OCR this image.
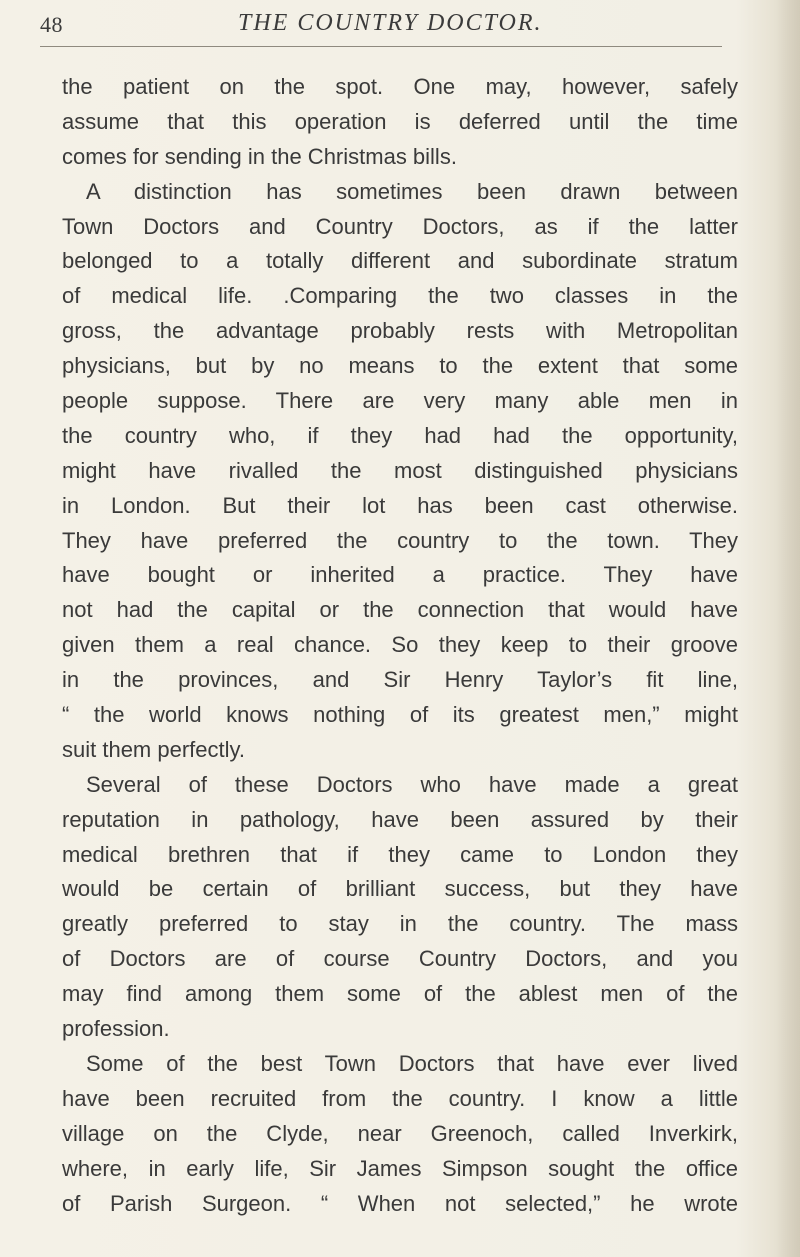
48	THE COUNTRY DOCTOR.
the patient on the spot. One may, however, safely
assume that this operation is deferred until the time
comes for sending in the Christmas bills.
A distinction has sometimes been drawn between
Town Doctors and Country Doctors, as if the latter
belonged to a totally different and subordinate stratum
of medical life. .Comparing the two classes in the
gross, the advantage probably rests with Metropolitan
physicians, but by no means to the extent that some
people suppose. There are very many able men in
the country who, if they had had the opportunity,
might have rivalled the most distinguished physicians
in London. But their lot has been cast otherwise.
They have preferred the country to the town. They
have bought or inherited a practice. They have
not had the capital or the connection that would have
given them a real chance. So they keep to their groove
in the provinces, and Sir Henry Taylor’s fit line,
“ the world knows nothing of its greatest men,” might
suit them perfectly.
Several of these Doctors who have made a great
reputation in pathology, have been assured by their
medical brethren that if they came to London they
would be certain of brilliant success, but they have
greatly preferred to stay in the country. The mass
of Doctors are of course Country Doctors, and you
may find among them some of the ablest men of the
profession.
Some of the best Town Doctors that have ever lived
have been recruited from the country. I know a little
village on the Clyde, near Greenoch, called Inverkirk,
where, in early life, Sir James Simpson sought the office
of Parish Surgeon. “ When not selected,” he wrote
